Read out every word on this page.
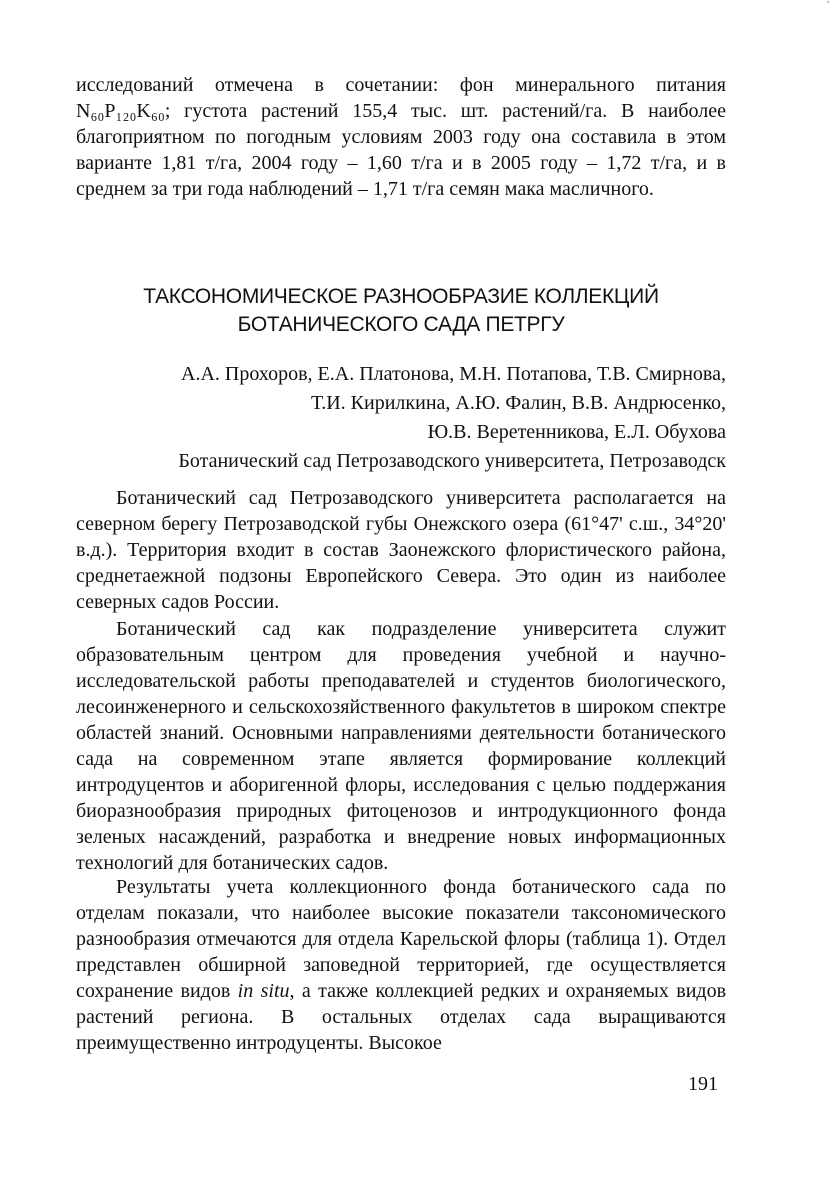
'

исследований отмечена в сочетании: фон минерального питания N₆₀P₁₂₀K₆₀; густота растений 155,4 тыс. шт. растений/га. В наиболее благоприятном по погодным условиям 2003 году она составила в этом варианте 1,81 т/га, 2004 году – 1,60 т/га и в 2005 году – 1,72 т/га, и в среднем за три года наблюдений – 1,71 т/га семян мака масличного.

ТАКСОНОМИЧЕСКОЕ РАЗНООБРАЗИЕ КОЛЛЕКЦИЙ
БОТАНИЧЕСКОГО САДА ПЕТРГУ
А.А. Прохоров, Е.А. Платонова, М.Н. Потапова, Т.В. Смирнова,
Т.И. Кирилкина, А.Ю. Фалин, В.В. Андрюсенко,
Ю.В. Веретенникова, Е.Л. Обухова
Ботанический сад Петрозаводского университета, Петрозаводск

Ботанический сад Петрозаводского университета располагается на северном берегу Петрозаводской губы Онежского озера (61°47' с.ш., 34°20' в.д.). Территория входит в состав Заонежского флористического района, среднетаежной подзоны Европейского Севера. Это один из наиболее северных садов России.

Ботанический сад как подразделение университета служит образовательным центром для проведения учебной и научно-исследовательской работы преподавателей и студентов биологического, лесоинженерного и сельскохозяйственного факультетов в широком спектре областей знаний. Основными направлениями деятельности ботанического сада на современном этапе является формирование коллекций интродуцентов и аборигенной флоры, исследования с целью поддержания биоразнообразия природных фитоценозов и интродукционного фонда зеленых насаждений, разработка и внедрение новых информационных технологий для ботанических садов.

Результаты учета коллекционного фонда ботанического сада по отделам показали, что наиболее высокие показатели таксономического разнообразия отмечаются для отдела Карельской флоры (таблица 1). Отдел представлен обширной заповедной территорией, где осуществляется сохранение видов in situ, а также коллекцией редких и охраняемых видов растений региона. В остальных отделах сада выращиваются преимущественно интродуценты. Высокое

191
